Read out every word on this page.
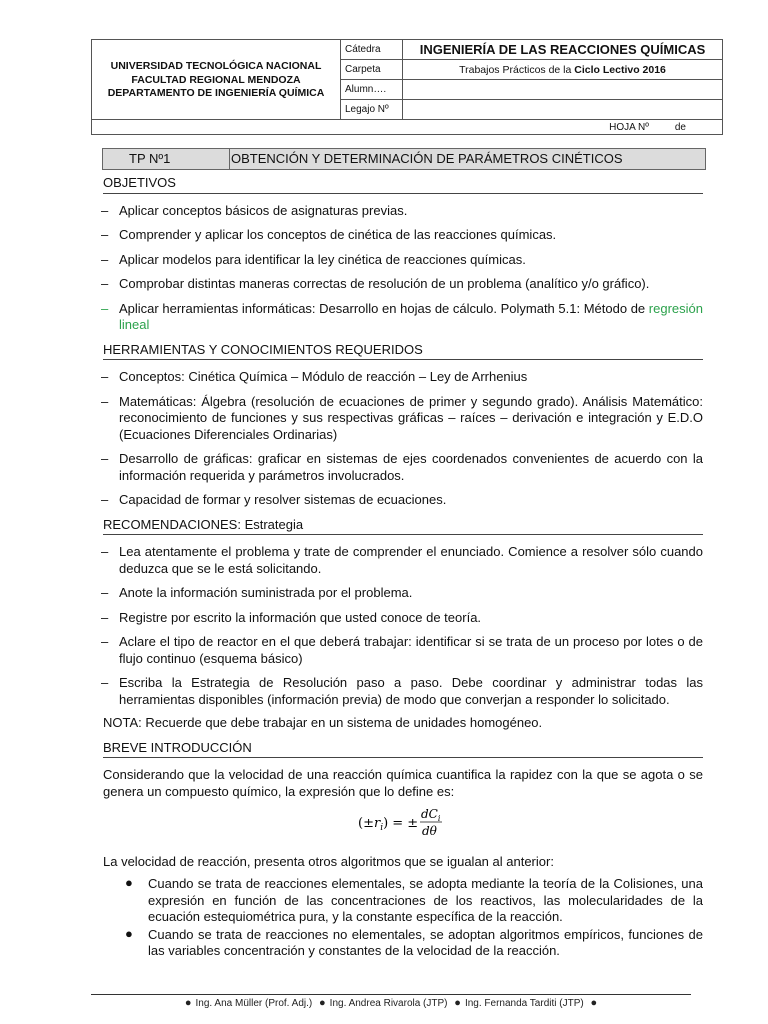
UNIVERSIDAD TECNOLÓGICA NACIONAL
FACULTAD REGIONAL MENDOZA
DEPARTAMENTO DE INGENIERÍA QUÍMICA	Cátedra	INGENIERÍA DE LAS REACCIONES QUÍMICAS
	Carpeta	Trabajos Prácticos de la Ciclo Lectivo 2016
	Alumn….	
	Legajo Nº	
HOJA Nº de		
TP Nº1	OBTENCIÓN Y DETERMINACIÓN DE PARÁMETROS CINÉTICOS
OBJETIVOS
– Aplicar conceptos básicos de asignaturas previas.
– Comprender y aplicar los conceptos de cinética de las reacciones químicas.
– Aplicar modelos para identificar la ley cinética de reacciones químicas.
– Comprobar distintas maneras correctas de resolución de un problema (analítico y/o gráfico).
– Aplicar herramientas informáticas: Desarrollo en hojas de cálculo. Polymath 5.1: Método de regresión lineal
HERRAMIENTAS Y CONOCIMIENTOS REQUERIDOS
– Conceptos: Cinética Química – Módulo de reacción – Ley de Arrhenius
– Matemáticas: Álgebra (resolución de ecuaciones de primer y segundo grado). Análisis Matemático: reconocimiento de funciones y sus respectivas gráficas – raíces – derivación e integración y E.D.O (Ecuaciones Diferenciales Ordinarias)
– Desarrollo de gráficas: graficar en sistemas de ejes coordenados convenientes de acuerdo con la información requerida y parámetros involucrados.
– Capacidad de formar y resolver sistemas de ecuaciones.
RECOMENDACIONES: Estrategia
– Lea atentamente el problema y trate de comprender el enunciado. Comience a resolver sólo cuando deduzca que se le está solicitando.
– Anote la información suministrada por el problema.
– Registre por escrito la información que usted conoce de teoría.
– Aclare el tipo de reactor en el que deberá trabajar: identificar si se trata de un proceso por lotes o de flujo continuo (esquema básico)
– Escriba la Estrategia de Resolución paso a paso. Debe coordinar y administrar todas las herramientas disponibles (información previa) de modo que converjan a responder lo solicitado.
NOTA: Recuerde que debe trabajar en un sistema de unidades homogéneo.
BREVE INTRODUCCIÓN
Considerando que la velocidad de una reacción química cuantifica la rapidez con la que se agota o se genera un compuesto químico, la expresión que lo define es:
$(\pm r_i)$ = ±
$dC_i$
dθ
La velocidad de reacción, presenta otros algoritmos que se igualan al anterior:
● Cuando se trata de reacciones elementales, se adopta mediante la teoría de la Colisiones, una expresión en función de las concentraciones de los reactivos, las molecularidades de la ecuación estequiométrica pura, y la constante específica de la reacción.
● Cuando se trata de reacciones no elementales, se adoptan algoritmos empíricos, funciones de las variables concentración y constantes de la velocidad de la reacción.
● Ing. Ana Müller (Prof. Adj.) ● Ing. Andrea Rivarola (JTP) ● Ing. Fernanda Tarditi (JTP) ●
